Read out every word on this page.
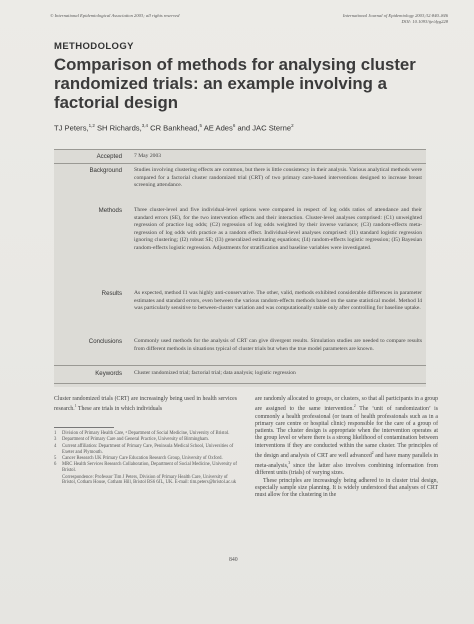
© International Epidemiological Association 2003; all rights reserved	International Journal of Epidemiology 2003;32:840–846
DOI: 10.1093/ije/dyg228
METHODOLOGY
Comparison of methods for analysing cluster randomized trials: an example involving a factorial design
TJ Peters,$^{1,2}$ SH Richards,$^{3,4}$ CR Bankhead,$^5$ AE Ades$^6$ and JAC Sterne$^2$
Accepted 7 May 2003
Background Studies involving clustering effects are common, but there is little consistency in their analysis. Various analytical methods were compared for a factorial cluster randomized trial (CRT) of two primary care-based interventions designed to increase breast screening attendance.
Methods Three cluster-level and five individual-level options were compared in respect of log odds ratios of attendance and their standard errors (SE), for the two intervention effects and their interaction. Cluster-level analyses comprised: (C1) unweighted regression of practice log odds; (C2) regression of log odds weighted by their inverse variance; (C3) random-effects meta-regression of log odds with practice as a random effect. Individual-level analyses comprised: (I1) standard logistic regression ignoring clustering; (I2) robust SE; (I3) generalized estimating equations; (I4) random-effects logistic regression; (I5) Bayesian random-effects logistic regression. Adjustments for stratification and baseline variables were investigated.
Results As expected, method I1 was highly anti-conservative. The other, valid, methods exhibited considerable differences in parameter estimates and standard errors, even between the various random-effects methods based on the same statistical model. Method I4 was particularly sensitive to between-cluster variation and was computationally stable only after controlling for baseline uptake.
Conclusions Commonly used methods for the analysis of CRT can give divergent results. Simulation studies are needed to compare results from different methods in situations typical of cluster trials but when the true model parameters are known.
Keywords Cluster randomized trial; factorial trial; data analysis; logistic regression
Cluster randomized trials (CRT) are increasingly being used in health services research.$^1$ These are trials in which individuals
1 Division of Primary Health Care, ² Department of Social Medicine, University of Bristol.
3 Department of Primary Care and General Practice, University of Birmingham.
4 Current affiliation: Department of Primary Care, Peninsula Medical School, Universities of Exeter and Plymouth.
5 Cancer Research UK Primary Care Education Research Group, University of Oxford.
6 MRC Health Services Research Collaboration, Department of Social Medicine, University of Bristol.
Correspondence: Professor Tim J Peters, Division of Primary Health Care, University of Bristol, Cotham House, Cotham Hill, Bristol BS6 6JL, UK. E-mail: tim.peters@bristol.ac.uk
are randomly allocated to groups, or clusters, so that all participants in a group are assigned to the same intervention.$^2$ The ‘unit of randomization’ is commonly a health professional (or team of health professionals such as in a primary care centre or hospital clinic) responsible for the care of a group of patients. The cluster design is appropriate when the intervention operates at the group level or where there is a strong likelihood of contamination between interventions if they are conducted within the same cluster. The principles of the design and analysis of CRT are well advanced$^2$ and have many parallels in meta-analysis,$^3$ since the latter also involves combining information from different units (trials) of varying sizes.
These principles are increasingly being adhered to in cluster trial design, especially sample size planning. It is widely understood that analyses of CRT must allow for the clustering in the
840
